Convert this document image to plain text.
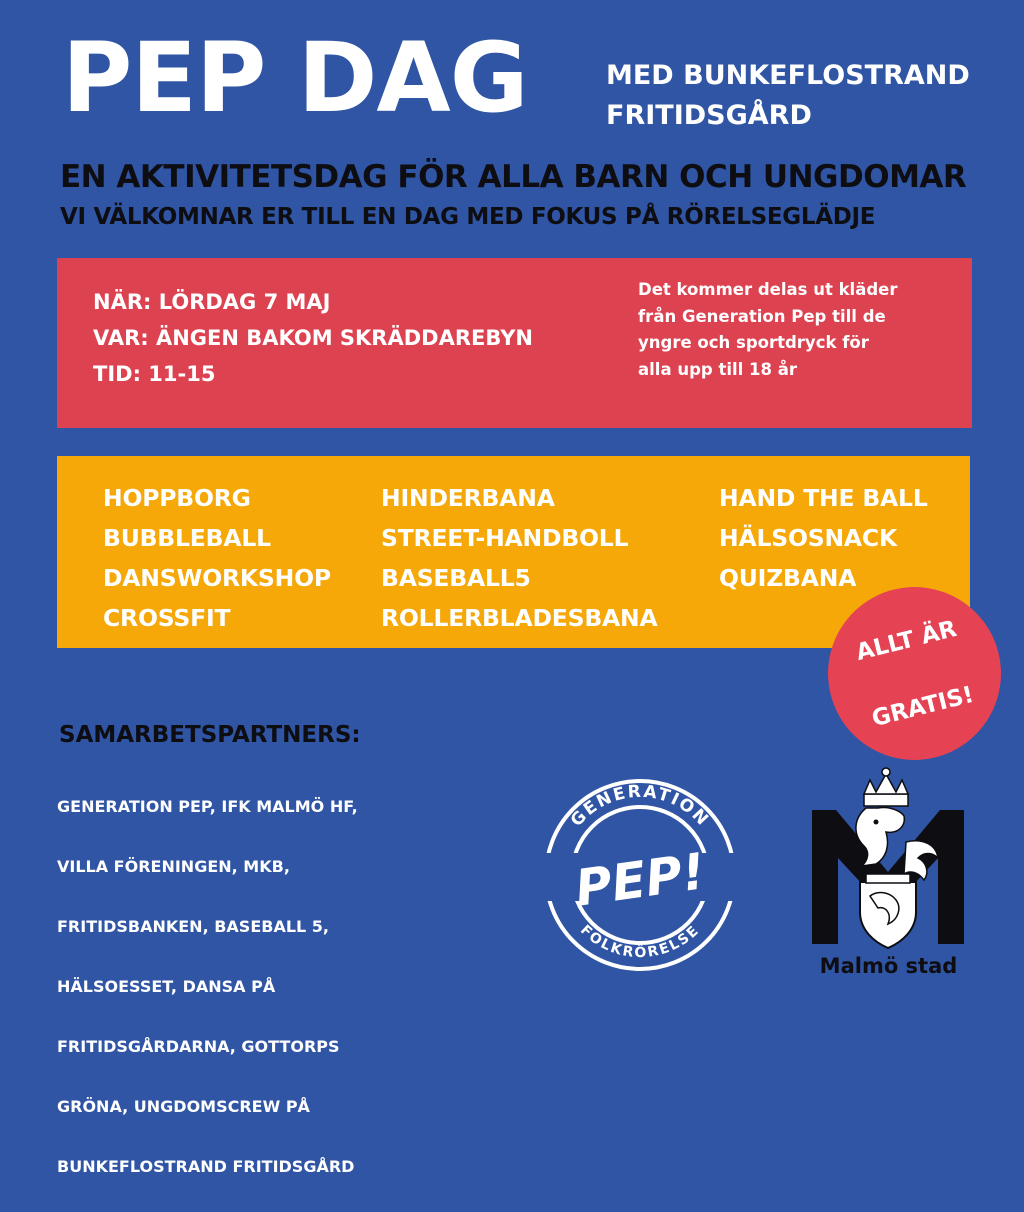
PEP DAG	MED BUNKEFLOSTRAND
FRITIDSGÅRD
EN AKTIVITETSDAG FÖR ALLA BARN OCH UNGDOMAR
VI VÄLKOMNAR ER TILL EN DAG MED FOKUS PÅ RÖRELSEGLÄDJE
NÄR: LÖRDAG 7 MAJ
VAR: ÄNGEN BAKOM SKRÄDDAREBYN
TID: 11-15
Det kommer delas ut kläder
från Generation Pep till de
yngre och sportdryck för
alla upp till 18 år
HOPPBORG
BUBBLEBALL
DANSWORKSHOP
CROSSFIT
HINDERBANA
STREET-HANDBOLL
BASEBALL5
ROLLERBLADESBANA
HAND THE BALL
HÄLSOSNACK
QUIZBANA

ALLT ÄR

GRATIS!

SAMARBETSPARTNERS:

GENERATION PEP, IFK MALMÖ HF,

VILLA FÖRENINGEN, MKB,

FRITIDSBANKEN, BASEBALL 5,

HÄLSOESSET, DANSA PÅ

FRITIDSGÅRDARNA, GOTTORPS

GRÖNA, UNGDOMSCREW PÅ

BUNKEFLOSTRAND FRITIDSGÅRD

GENERATION
FOLKRÖRELSE
PEP!
Malmö stad
